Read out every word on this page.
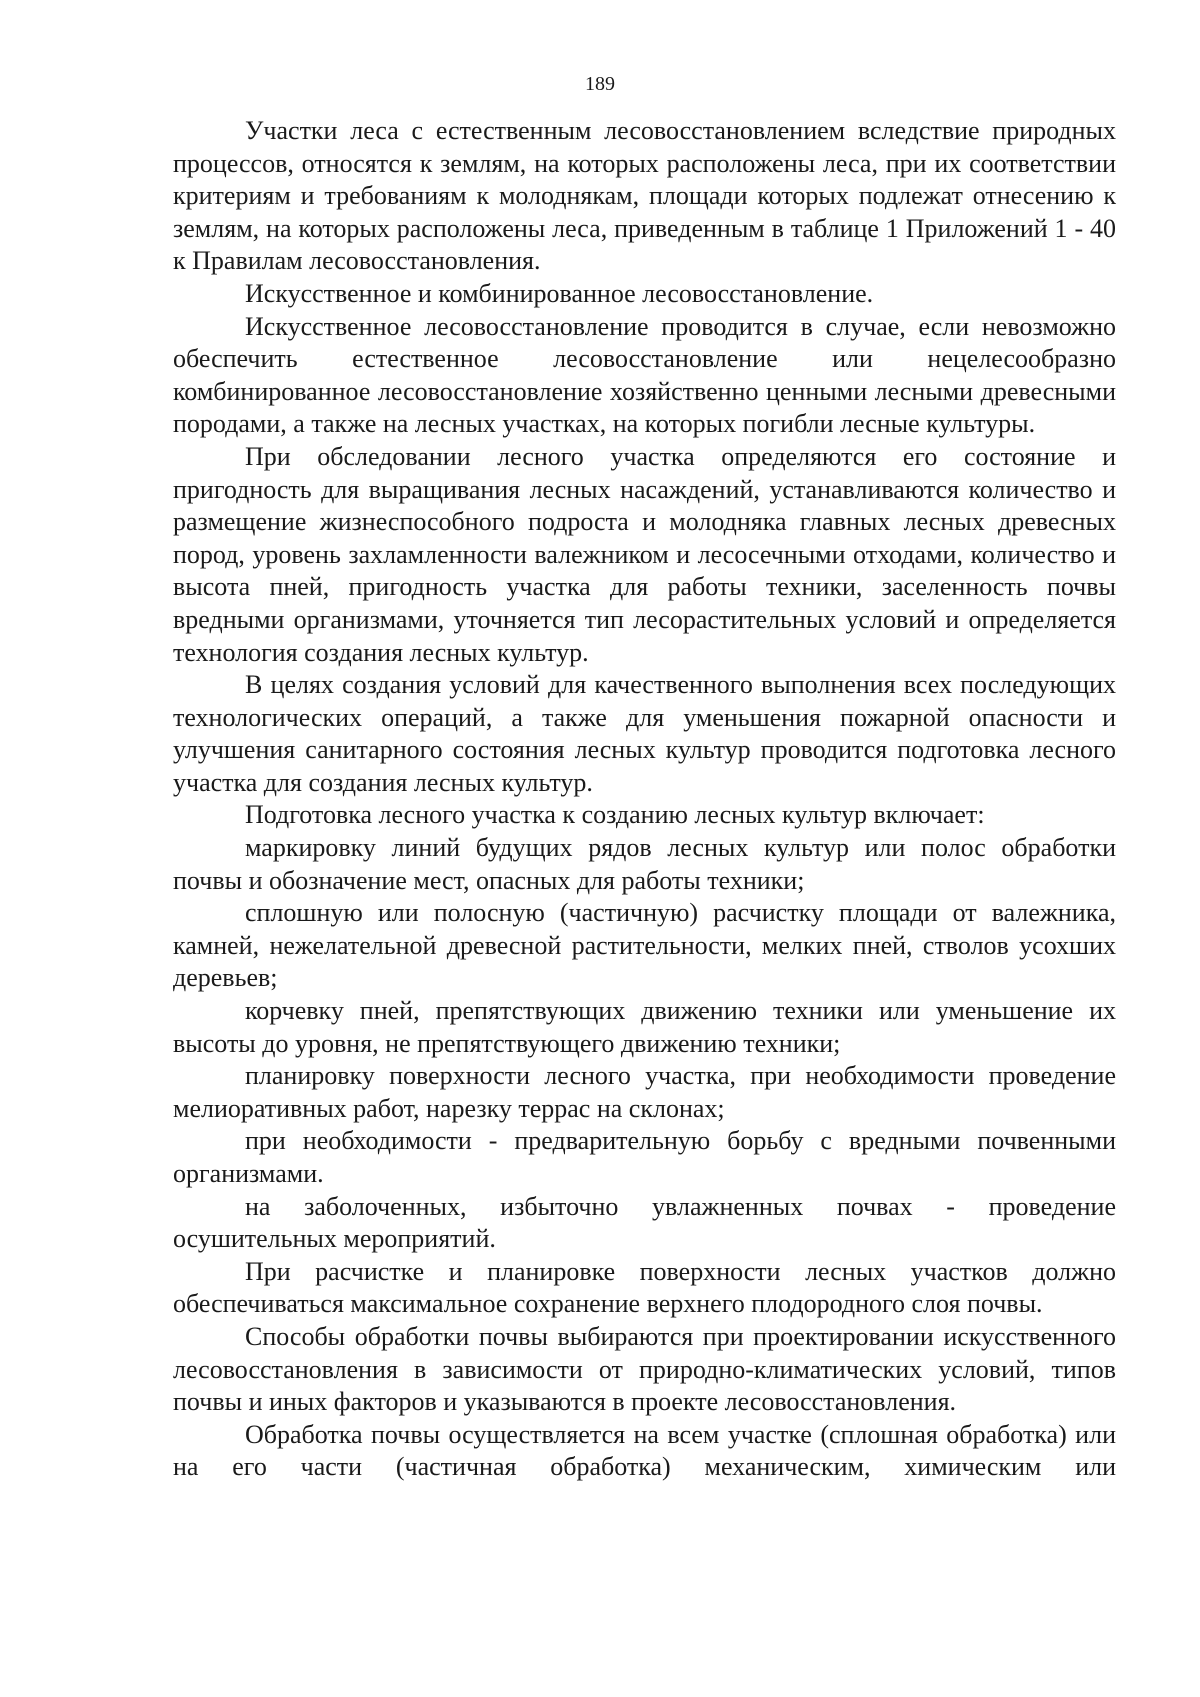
189

Участки леса с естественным лесовосстановлением вследствие природных процессов, относятся к землям, на которых расположены леса, при их соответствии критериям и требованиям к молоднякам, площади которых подлежат отнесению к землям, на которых расположены леса, приведенным в таблице 1 Приложений 1 - 40 к Правилам лесовосстановления.

Искусственное и комбинированное лесовосстановление.

Искусственное лесовосстановление проводится в случае, если невозможно обеспечить естественное лесовосстановление или нецелесообразно комбинированное лесовосстановление хозяйственно ценными лесными древесными породами, а также на лесных участках, на которых погибли лесные культуры.

При обследовании лесного участка определяются его состояние и пригодность для выращивания лесных насаждений, устанавливаются количество и размещение жизнеспособного подроста и молодняка главных лесных древесных пород, уровень захламленности валежником и лесосечными отходами, количество и высота пней, пригодность участка для работы техники, заселенность почвы вредными организмами, уточняется тип лесорастительных условий и определяется технология создания лесных культур.

В целях создания условий для качественного выполнения всех последующих технологических операций, а также для уменьшения пожарной опасности и улучшения санитарного состояния лесных культур проводится подготовка лесного участка для создания лесных культур.

Подготовка лесного участка к созданию лесных культур включает:

маркировку линий будущих рядов лесных культур или полос обработки почвы и обозначение мест, опасных для работы техники;

сплошную или полосную (частичную) расчистку площади от валежника, камней, нежелательной древесной растительности, мелких пней, стволов усохших деревьев;

корчевку пней, препятствующих движению техники или уменьшение их высоты до уровня, не препятствующего движению техники;

планировку поверхности лесного участка, при необходимости проведение мелиоративных работ, нарезку террас на склонах;

при необходимости - предварительную борьбу с вредными почвенными организмами.

на заболоченных, избыточно увлажненных почвах - проведение осушительных мероприятий.

При расчистке и планировке поверхности лесных участков должно обеспечиваться максимальное сохранение верхнего плодородного слоя почвы.

Способы обработки почвы выбираются при проектировании искусственного лесовосстановления в зависимости от природно-климатических условий, типов почвы и иных факторов и указываются в проекте лесовосстановления.

Обработка почвы осуществляется на всем участке (сплошная обработка) или на его части (частичная обработка) механическим, химическим или
